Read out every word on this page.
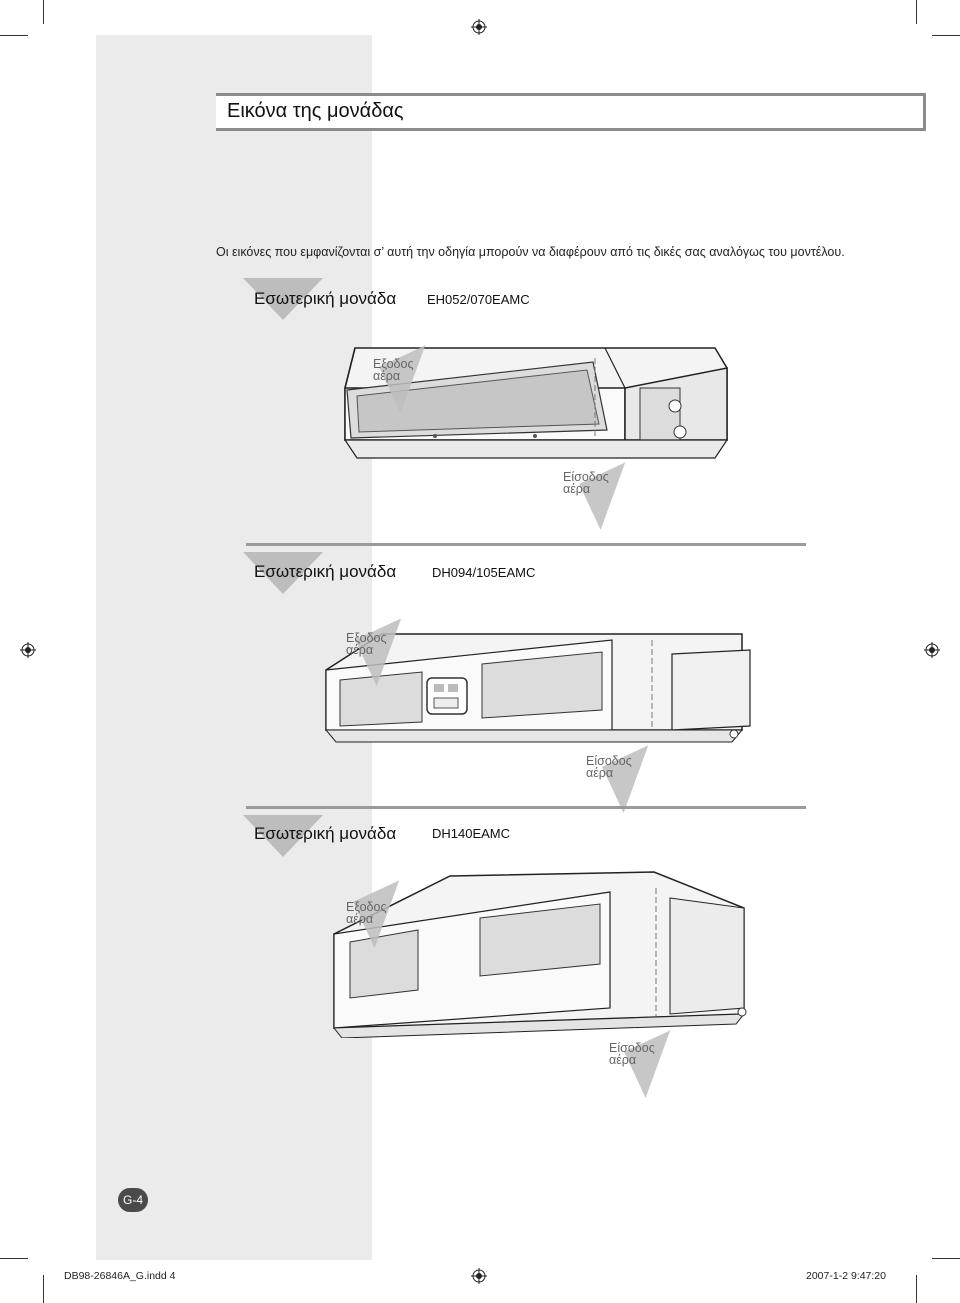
Εικόνα της μονάδας
Οι εικόνες που εμφανίζονται σ’ αυτή την οδηγία μπορούν να διαφέρουν από τις δικές σας αναλόγως του μοντέλου.
Εσωτερική μονάδα EH052/070EAMC
Εξοδος
αέρα
Είσοδος
αέρα
Εσωτερική μονάδα	DH094/105EAMC
Εξοδος
αέρα
Είσοδος
αέρα
Εσωτερική μονάδα	DH140EAMC
Εξοδος
αέρα
Είσοδος
αέρα
G-4
DB98-26846A_G.indd 4	2007-1-2 9:47:20
